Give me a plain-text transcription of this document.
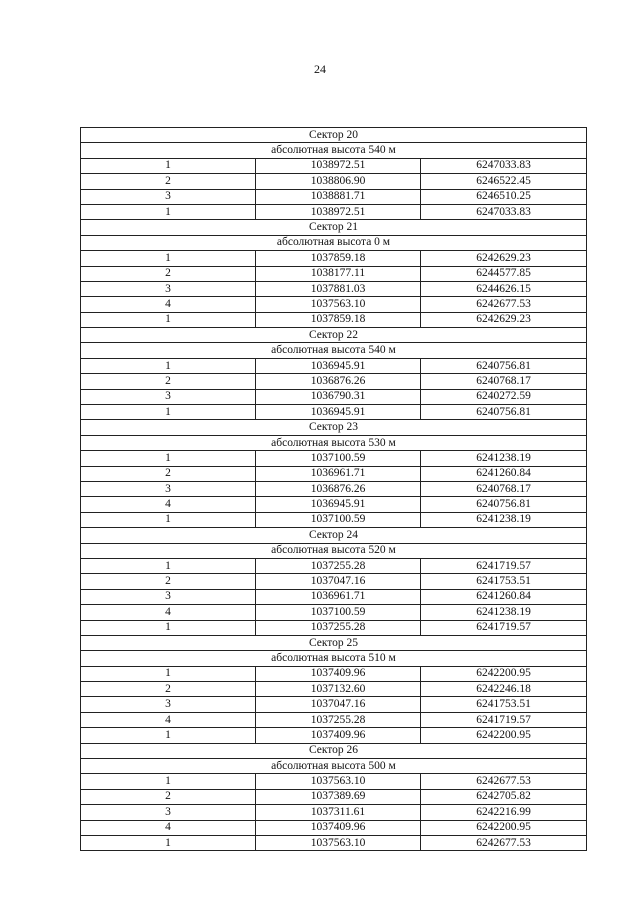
24
Сектор 20		
абсолютная высота 540 м		
1	1038972.51	6247033.83
2	1038806.90	6246522.45
3	1038881.71	6246510.25
1	1038972.51	6247033.83
Сектор 21		
абсолютная высота 0 м		
1	1037859.18	6242629.23
2	1038177.11	6244577.85
3	1037881.03	6244626.15
4	1037563.10	6242677.53
1	1037859.18	6242629.23
Сектор 22		
абсолютная высота 540 м		
1	1036945.91	6240756.81
2	1036876.26	6240768.17
3	1036790.31	6240272.59
1	1036945.91	6240756.81
Сектор 23		
абсолютная высота 530 м		
1	1037100.59	6241238.19
2	1036961.71	6241260.84
3	1036876.26	6240768.17
4	1036945.91	6240756.81
1	1037100.59	6241238.19
Сектор 24		
абсолютная высота 520 м		
1	1037255.28	6241719.57
2	1037047.16	6241753.51
3	1036961.71	6241260.84
4	1037100.59	6241238.19
1	1037255.28	6241719.57
Сектор 25		
абсолютная высота 510 м		
1	1037409.96	6242200.95
2	1037132.60	6242246.18
3	1037047.16	6241753.51
4	1037255.28	6241719.57
1	1037409.96	6242200.95
Сектор 26		
абсолютная высота 500 м		
1	1037563.10	6242677.53
2	1037389.69	6242705.82
3	1037311.61	6242216.99
4	1037409.96	6242200.95
1	1037563.10	6242677.53
